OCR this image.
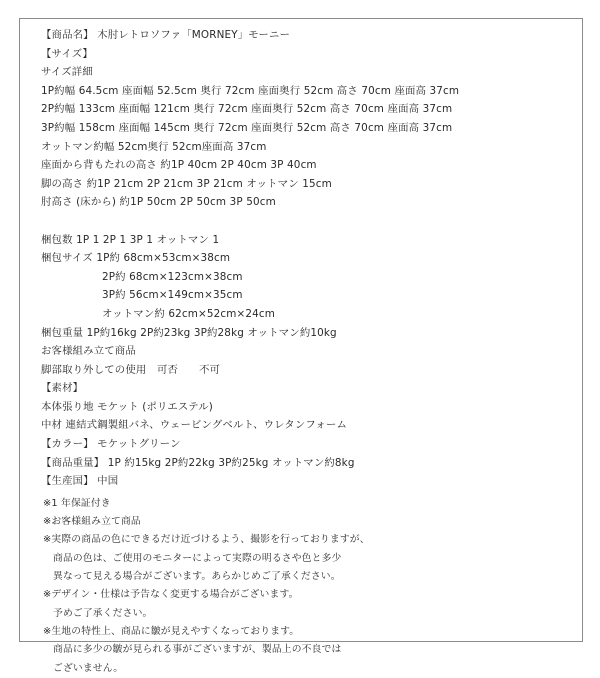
【商品名】 木肘レトロソファ「MORNEY」モーニー
【サイズ】
サイズ詳細
1P約幅 64.5cm 座面幅 52.5cm 奥行 72cm 座面奥行 52cm 高さ 70cm 座面高 37cm
2P約幅 133cm 座面幅 121cm 奥行 72cm 座面奥行 52cm 高さ 70cm 座面高 37cm
3P約幅 158cm 座面幅 145cm 奥行 72cm 座面奥行 52cm 高さ 70cm 座面高 37cm
オットマン約幅 52cm奥行 52cm座面高 37cm
座面から背もたれの高さ 約1P 40cm 2P 40cm 3P 40cm
脚の高さ 約1P 21cm 2P 21cm 3P 21cm オットマン 15cm
肘高さ (床から) 約1P 50cm 2P 50cm 3P 50cm
梱包数 1P 1 2P 1 3P 1 オットマン 1
梱包サイズ 1P約 68cm×53cm×38cm
2P約 68cm×123cm×38cm
3P約 56cm×149cm×35cm
オットマン約 62cm×52cm×24cm
梱包重量 1P約16kg 2P約23kg 3P約28kg オットマン約10kg
お客様組み立て商品
脚部取り外しての使用　可否　　不可
【素材】
本体張り地 モケット (ポリエステル)
中材 連結式鋼製組バネ、ウェービングベルト、ウレタンフォーム
【カラー】 モケットグリーン
【商品重量】 1P 約15kg 2P約22kg 3P約25kg オットマン約8kg
【生産国】 中国
※1 年保証付き
※お客様組み立て商品
※実際の商品の色にできるだけ近づけるよう、撮影を行っておりますが、
商品の色は、ご使用のモニターによって実際の明るさや色と多少
異なって見える場合がございます。あらかじめご了承ください。
※デザイン・仕様は予告なく変更する場合がございます。
予めご了承ください。
※生地の特性上、商品に皺が見えやすくなっております。
商品に多少の皺が見られる事がございますが、製品上の不良では
ございません。
